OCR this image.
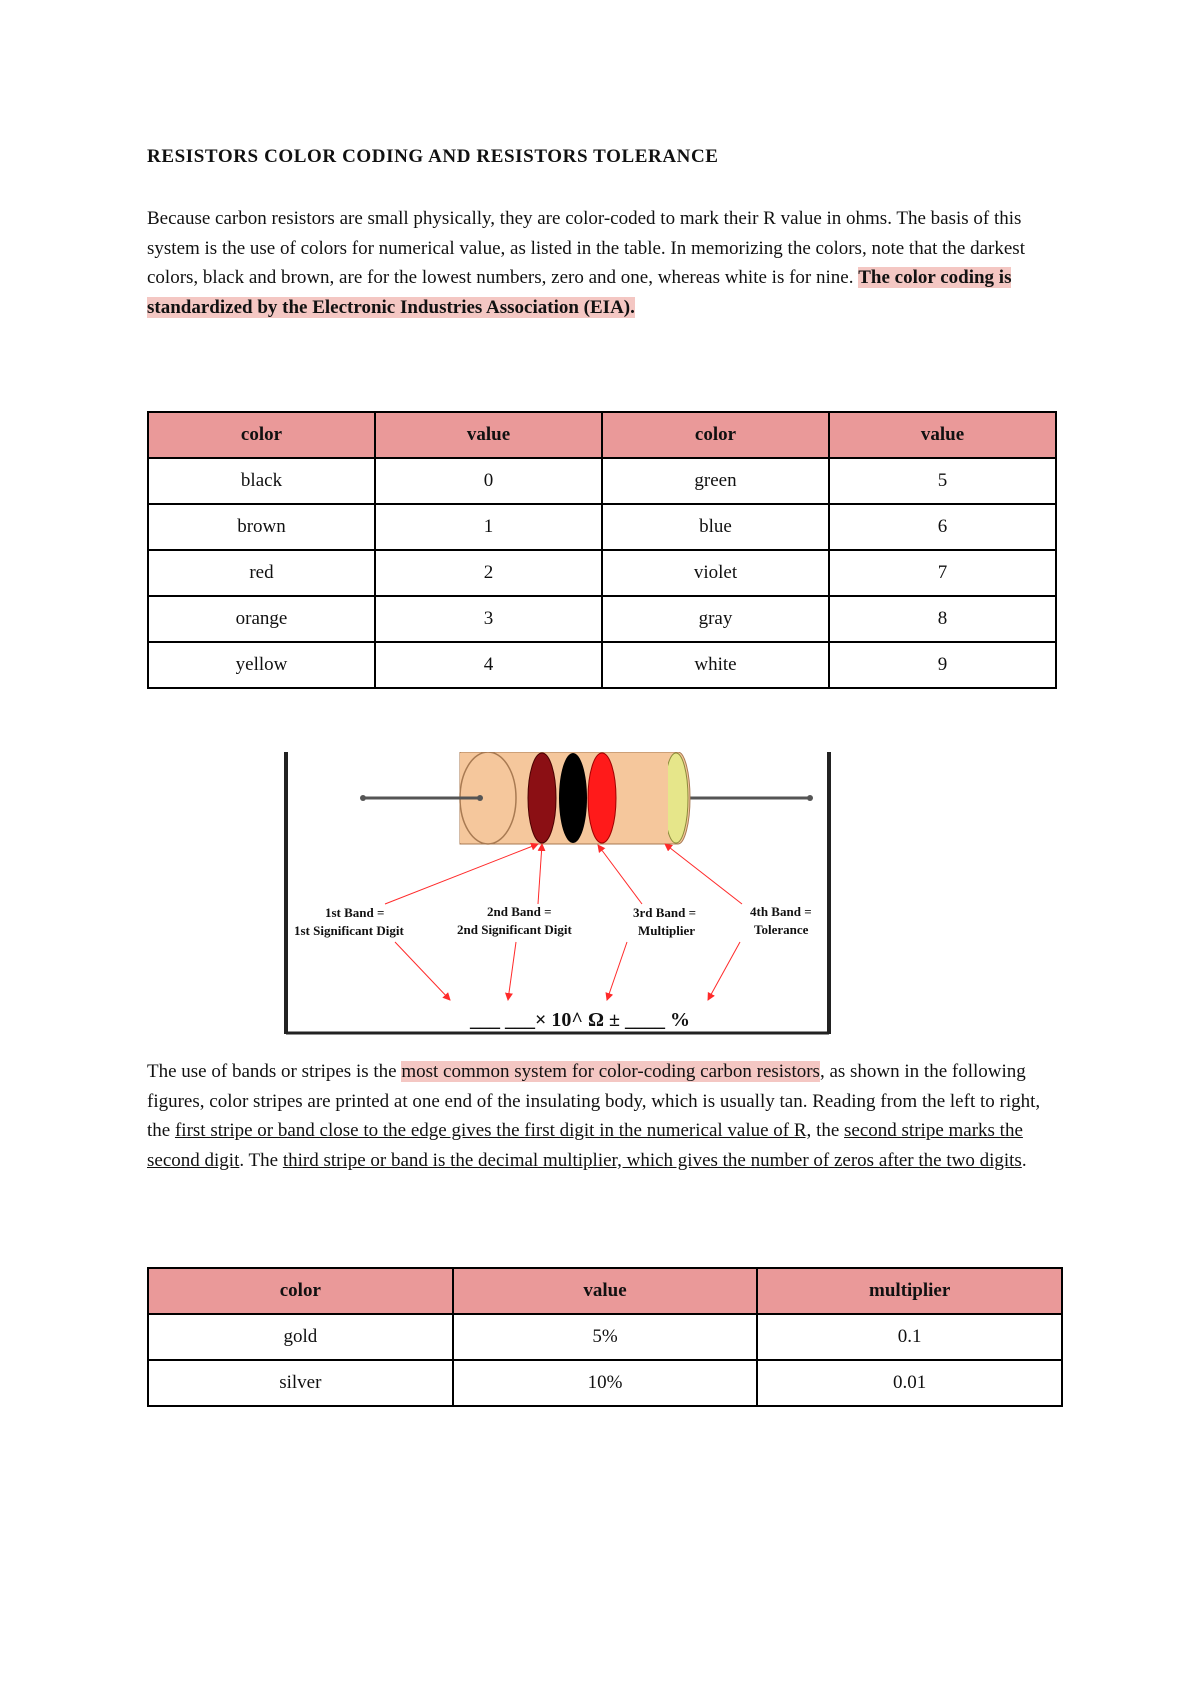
RESISTORS COLOR CODING AND RESISTORS TOLERANCE
Because carbon resistors are small physically, they are color-coded to mark their R value in ohms. The basis of this system is the use of colors for numerical value, as listed in the table. In memorizing the colors, note that the darkest colors, black and brown, are for the lowest numbers, zero and one, whereas white is for nine. The color coding is standardized by the Electronic Industries Association (EIA).
color	value	color	value
black	0	green	5
brown	1	blue	6
red	2	violet	7
orange	3	gray	8
yellow	4	white	9
1st Band = 1st Significant Digit
2nd Band = 2nd Significant Digit
3rd Band = Multiplier
4th Band = Tolerance
___ ___× 10^ Ω ± ____ %
The use of bands or stripes is the most common system for color-coding carbon resistors, as shown in the following figures, color stripes are printed at one end of the insulating body, which is usually tan. Reading from the left to right, the first stripe or band close to the edge gives the first digit in the numerical value of R, the second stripe marks the second digit. The third stripe or band is the decimal multiplier, which gives the number of zeros after the two digits.
color	value	multiplier
gold	5%	0.1
silver	10%	0.01
